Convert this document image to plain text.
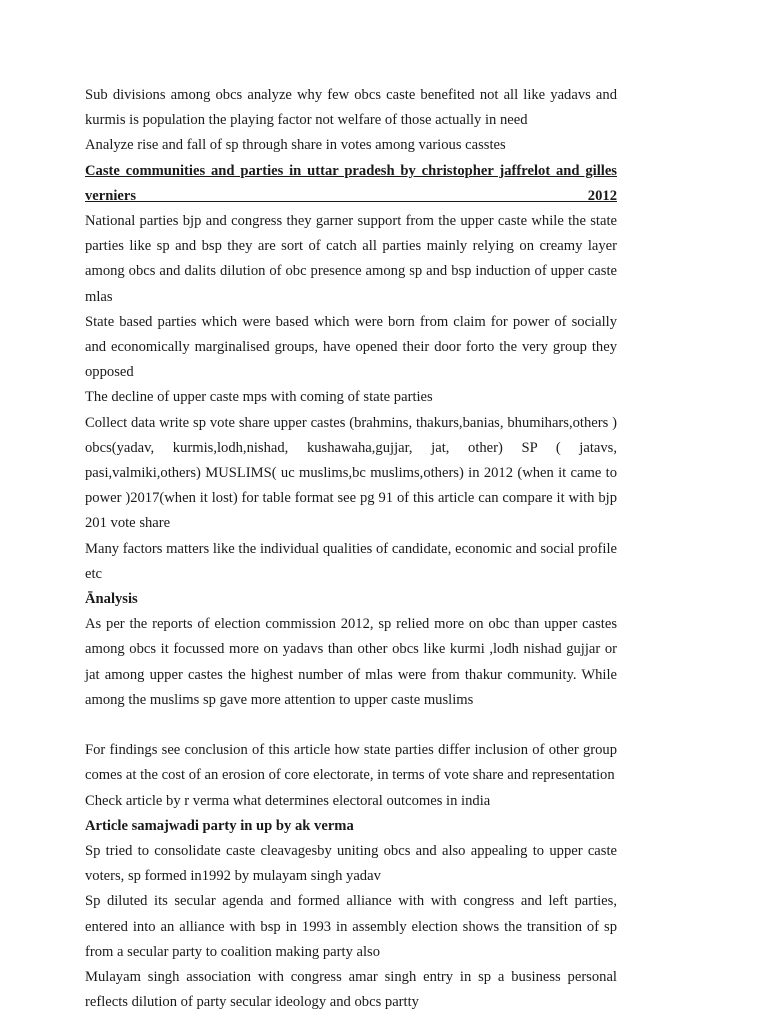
Sub divisions among obcs analyze why few obcs caste benefited not all like yadavs and kurmis is population the playing factor not welfare of those actually in need

Analyze rise and fall of sp through share in votes among various casstes

Caste communities and parties in uttar pradesh by christopher jaffrelot and gilles verniers 2012

National parties bjp and congress they garner support from the upper caste while the state parties like sp and bsp they are sort of catch all parties mainly relying on creamy layer among obcs and dalits dilution of obc presence among sp and bsp induction of upper caste mlas

State based parties which were based which were born from claim for power of socially and economically marginalised groups, have opened their door forto the very group they opposed

The decline of upper caste mps with coming of state parties

Collect data write sp vote share upper castes (brahmins, thakurs,banias, bhumihars,others ) obcs(yadav, kurmis,lodh,nishad, kushawaha,gujjar, jat, other) SP ( jatavs, pasi,valmiki,others) MUSLIMS( uc muslims,bc muslims,others) in 2012 (when it came to power )2017(when it lost) for table format see pg 91 of this article can compare it with bjp 201 vote share

Many factors matters like the individual qualities of candidate, economic and social profile etc

Ānalysis

As per the reports of election commission 2012, sp relied more on obc than upper castes among obcs it focussed more on yadavs than other obcs like kurmi ,lodh nishad gujjar or jat among upper castes the highest number of mlas were from thakur community. While among the muslims sp gave more attention to upper caste muslims

For findings see conclusion of this article how state parties differ inclusion of other group comes at the cost of an erosion of core electorate, in terms of vote share and representation

Check article by r verma what determines electoral outcomes in india

Article samajwadi party in up by ak verma

Sp tried to consolidate caste cleavagesby uniting obcs and also appealing to upper caste voters, sp formed in1992 by mulayam singh yadav

Sp diluted its secular agenda and formed alliance with with congress and left parties, entered into an alliance with bsp in 1993 in assembly election shows the transition of sp from a secular party to coalition making party also

Mulayam singh association with congress amar singh entry in sp a business personal reflects dilution of party secular ideology and obcs partty
